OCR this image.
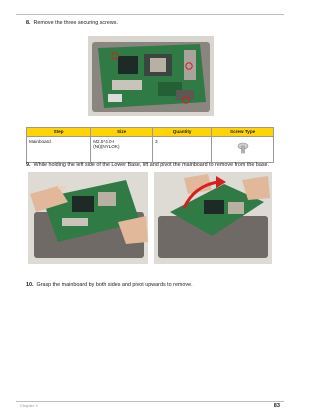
8. Remove the three securing screws.
Step	Size	Quantity	Screw Type
Mainboard	M2.5*4.0-I
(NI)(NYLOK)	3	
9. While holding the left side of the Lower Base, lift and pivot the mainboard to remove from the base.
10. Grasp the mainboard by both sides and pivot upwards to remove.
Chapter 3	83
